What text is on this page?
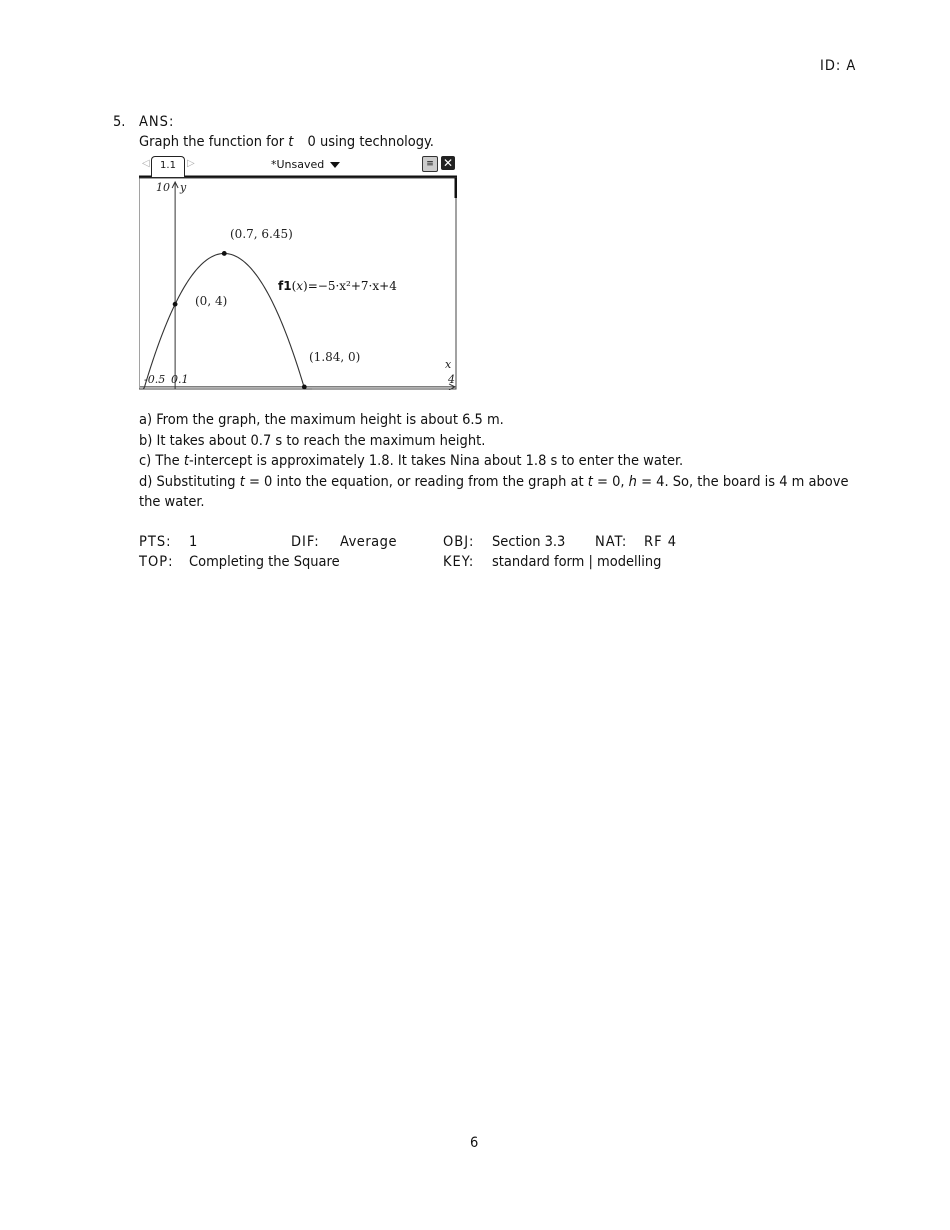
ID: A
5. ANS:
Graph the function for t 0 using technology.
◁	1.1	▷	*Unsaved	≡ ✕
10 y
x
-0.5 0.1	4
(0.7, 6.45)
(0, 4)
(1.84, 0)
f1(x)=−5·x²+7·x+4
a) From the graph, the maximum height is about 6.5 m.
b) It takes about 0.7 s to reach the maximum height.
c) The t-intercept is approximately 1.8. It takes Nina about 1.8 s to enter the water.
d) Substituting t = 0 into the equation, or reading from the graph at t = 0, h = 4. So, the board is 4 m above
the water.
PTS: 1	DIF: Average	OBJ: Section 3.3 NAT: RF 4
TOP: Completing the Square	KEY: standard form | modelling
6
